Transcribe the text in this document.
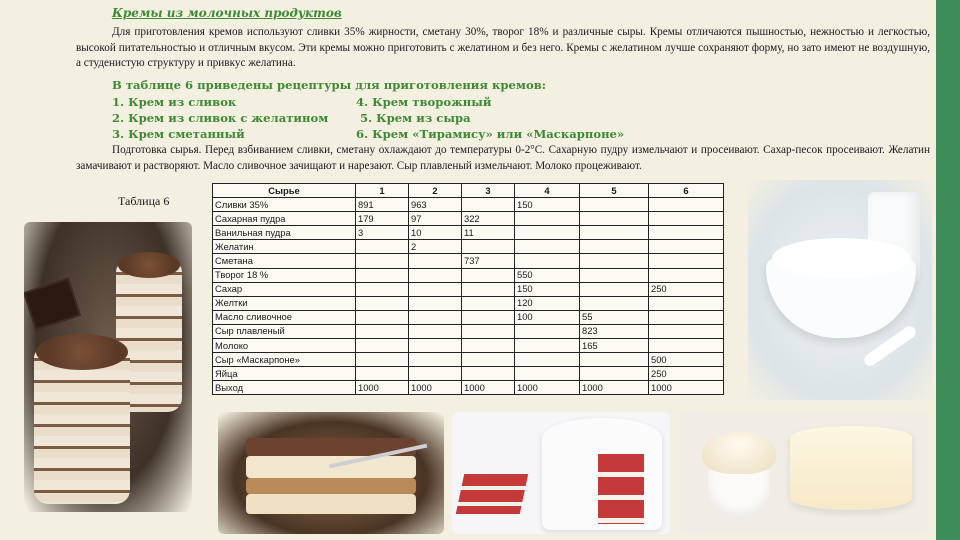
Кремы из молочных продуктов
Для приготовления кремов используют сливки 35% жирности, сметану 30%, творог 18% и различные сыры. Кремы отличаются пышностью, нежностью и легкостью, высокой питательностью и отличным вкусом. Эти кремы можно приготовить с желатином и без него. Кремы с желатином лучше сохраняют форму, но зато имеют не воздушную, а студенистую структуру и привкус желатина.
В таблице 6 приведены рецептуры для приготовления кремов:
1. Крем из сливок	4. Крем творожный
2. Крем из сливок с желатином	5. Крем из сыра
3. Крем сметанный	6. Крем «Тирамису» или «Маскарпоне»
Подготовка сырья. Перед взбиванием сливки, сметану охлаждают до температуры 0-2°С. Сахарную пудру измельчают и просеивают. Сахар-песок просеивают. Желатин замачивают и растворяют. Масло сливочное зачищают и нарезают. Сыр плавленый измельчают. Молоко процеживают.
Таблица 6
Сырье	1	2	3	4	5	6
Сливки 35%	891	963		150		
Сахарная пудра	179	97	322			
Ванильная пудра	3	10	11			
Желатин		2				
Сметана			737			
Творог 18 %				550		
Сахар				150		250
Желтки				120		
Масло сливочное				100	55	
Сыр плавленый					823	
Молоко					165	
Сыр «Маскарпоне»						500
Яйца						250
Выход	1000	1000	1000	1000	1000	1000
